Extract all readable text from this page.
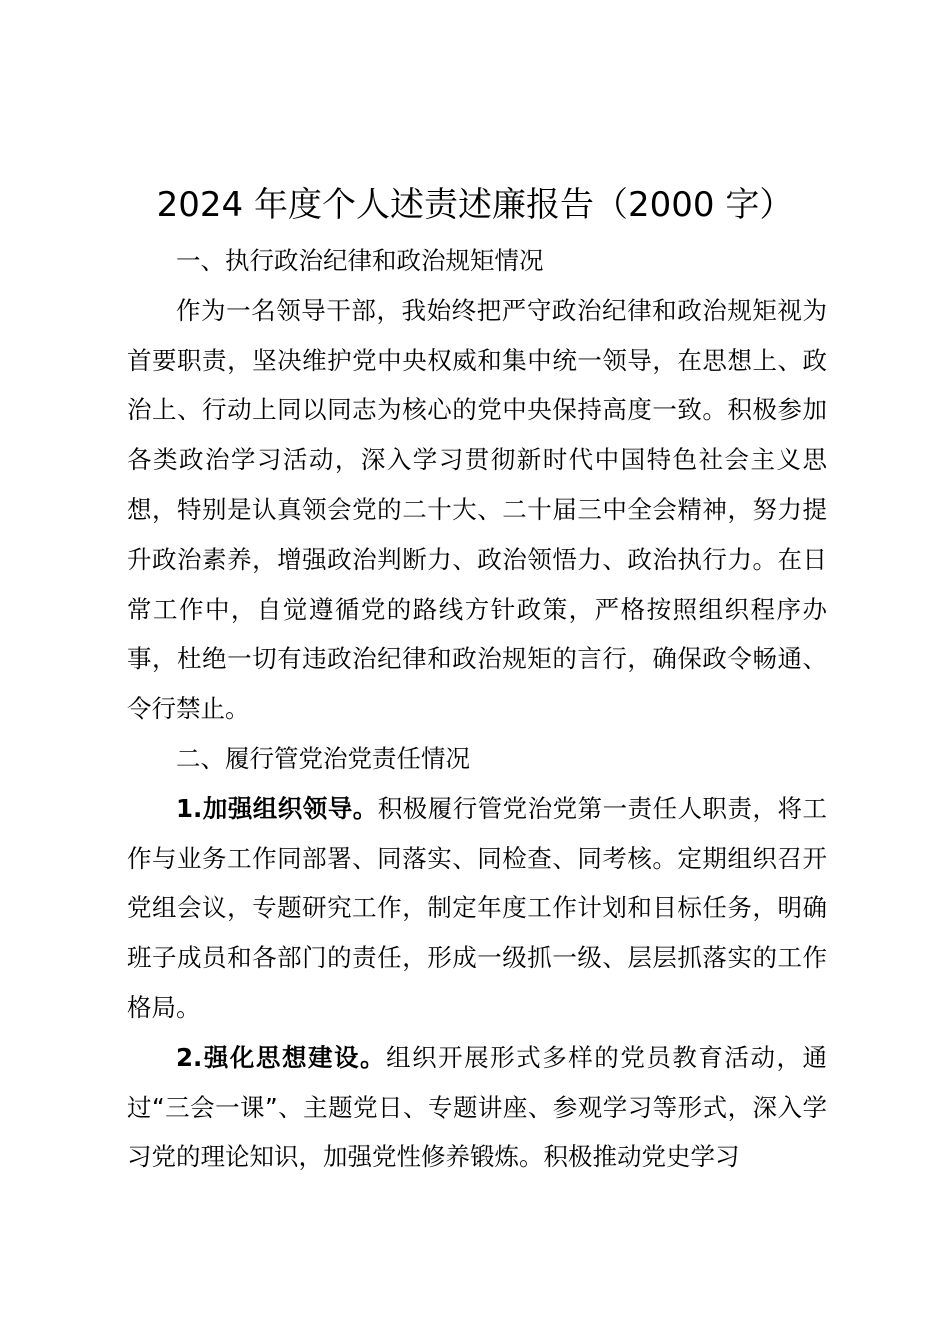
2024 年度个人述责述廉报告（2000 字）

一、执行政治纪律和政治规矩情况

作为一名领导干部，我始终把严守政治纪律和政治规矩视为首要职责，坚决维护党中央权威和集中统一领导，在思想上、政治上、行动上同以同志为核心的党中央保持高度一致。积极参加各类政治学习活动，深入学习贯彻新时代中国特色社会主义思想，特别是认真领会党的二十大、二十届三中全会精神，努力提升政治素养，增强政治判断力、政治领悟力、政治执行力。在日常工作中，自觉遵循党的路线方针政策，严格按照组织程序办事，杜绝一切有违政治纪律和政治规矩的言行，确保政令畅通、令行禁止。

二、履行管党治党责任情况

1.加强组织领导。积极履行管党治党第一责任人职责，将工作与业务工作同部署、同落实、同检查、同考核。定期组织召开党组会议，专题研究工作，制定年度工作计划和目标任务，明确班子成员和各部门的责任，形成一级抓一级、层层抓落实的工作格局。

2.强化思想建设。组织开展形式多样的党员教育活动，通过“三会一课”、主题党日、专题讲座、参观学习等形式，深入学习党的理论知识，加强党性修养锻炼。积极推动党史学习
